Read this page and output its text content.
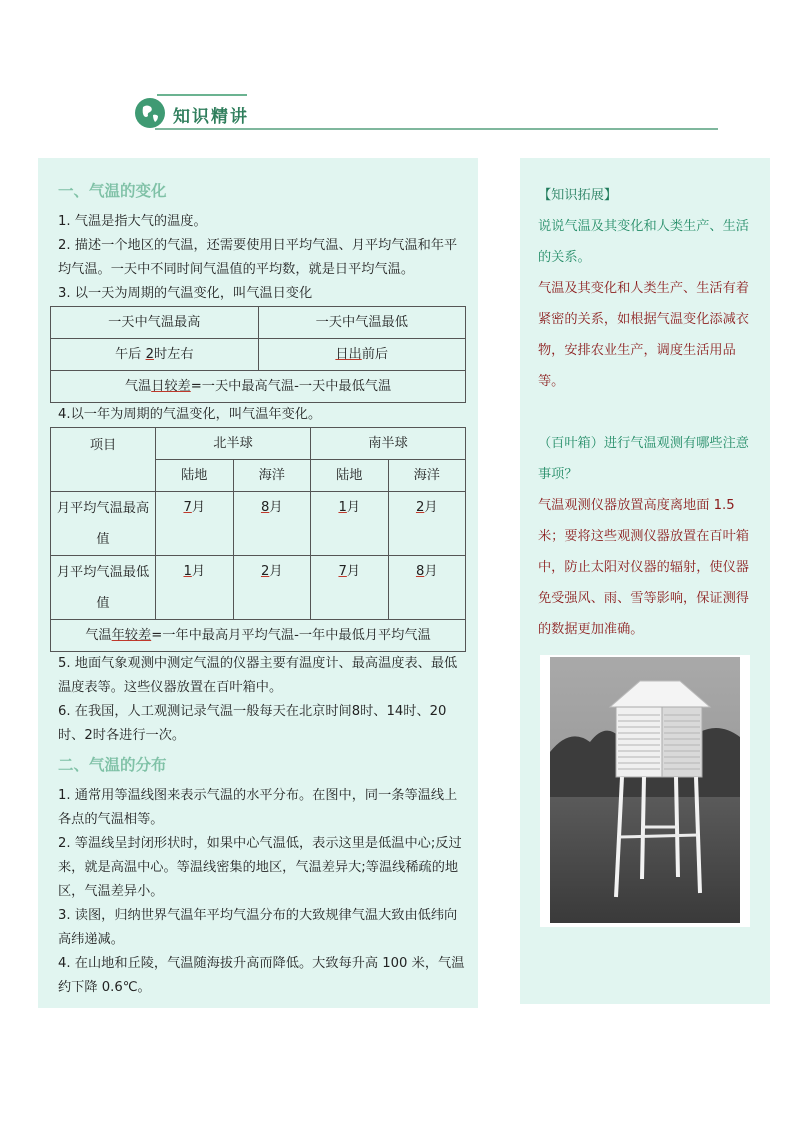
知识精讲
一、气温的变化

1. 气温是指大气的温度。

2. 描述一个地区的气温，还需要使用日平均气温、月平均气温和年平均气温。一天中不同时间气温值的平均数，就是日平均气温。

3. 以一天为周期的气温变化，叫气温日变化

一天中气温最高	一天中气温最低
午后 2时左右	日出前后
气温日较差=一天中最高气温-一天中最低气温	

4.以一年为周期的气温变化，叫气温年变化。

项目	北半球		南半球	
	陆地	海洋	陆地	海洋
月平均气温最高值	7月	8月	1月	2月
月平均气温最低值	1月	2月	7月	8月
气温年较差=一年中最高月平均气温-一年中最低月平均气温				

5. 地面气象观测中测定气温的仪器主要有温度计、最高温度表、最低温度表等。这些仪器放置在百叶箱中。

6. 在我国，人工观测记录气温一般每天在北京时间8时、14时、20时、2时各进行一次。

二、气温的分布

1. 通常用等温线图来表示气温的水平分布。在图中，同一条等温线上各点的气温相等。

2. 等温线呈封闭形状时，如果中心气温低，表示这里是低温中心;反过来，就是高温中心。等温线密集的地区，气温差异大;等温线稀疏的地区，气温差异小。

3. 读图，归纳世界气温年平均气温分布的大致规律气温大致由低纬向高纬递减。

4. 在山地和丘陵，气温随海拔升高而降低。大致每升高 100 米，气温约下降 0.6℃。

【知识拓展】
说说气温及其变化和人类生产、生活的关系。
气温及其变化和人类生产、生活有着紧密的关系，如根据气温变化添减衣物，安排农业生产，调度生活用品等。
（百叶箱）进行气温观测有哪些注意事项？
气温观测仪器放置高度离地面 1.5 米；要将这些观测仪器放置在百叶箱中，防止太阳对仪器的辐射，使仪器免受强风、雨、雪等影响，保证测得的数据更加准确。
